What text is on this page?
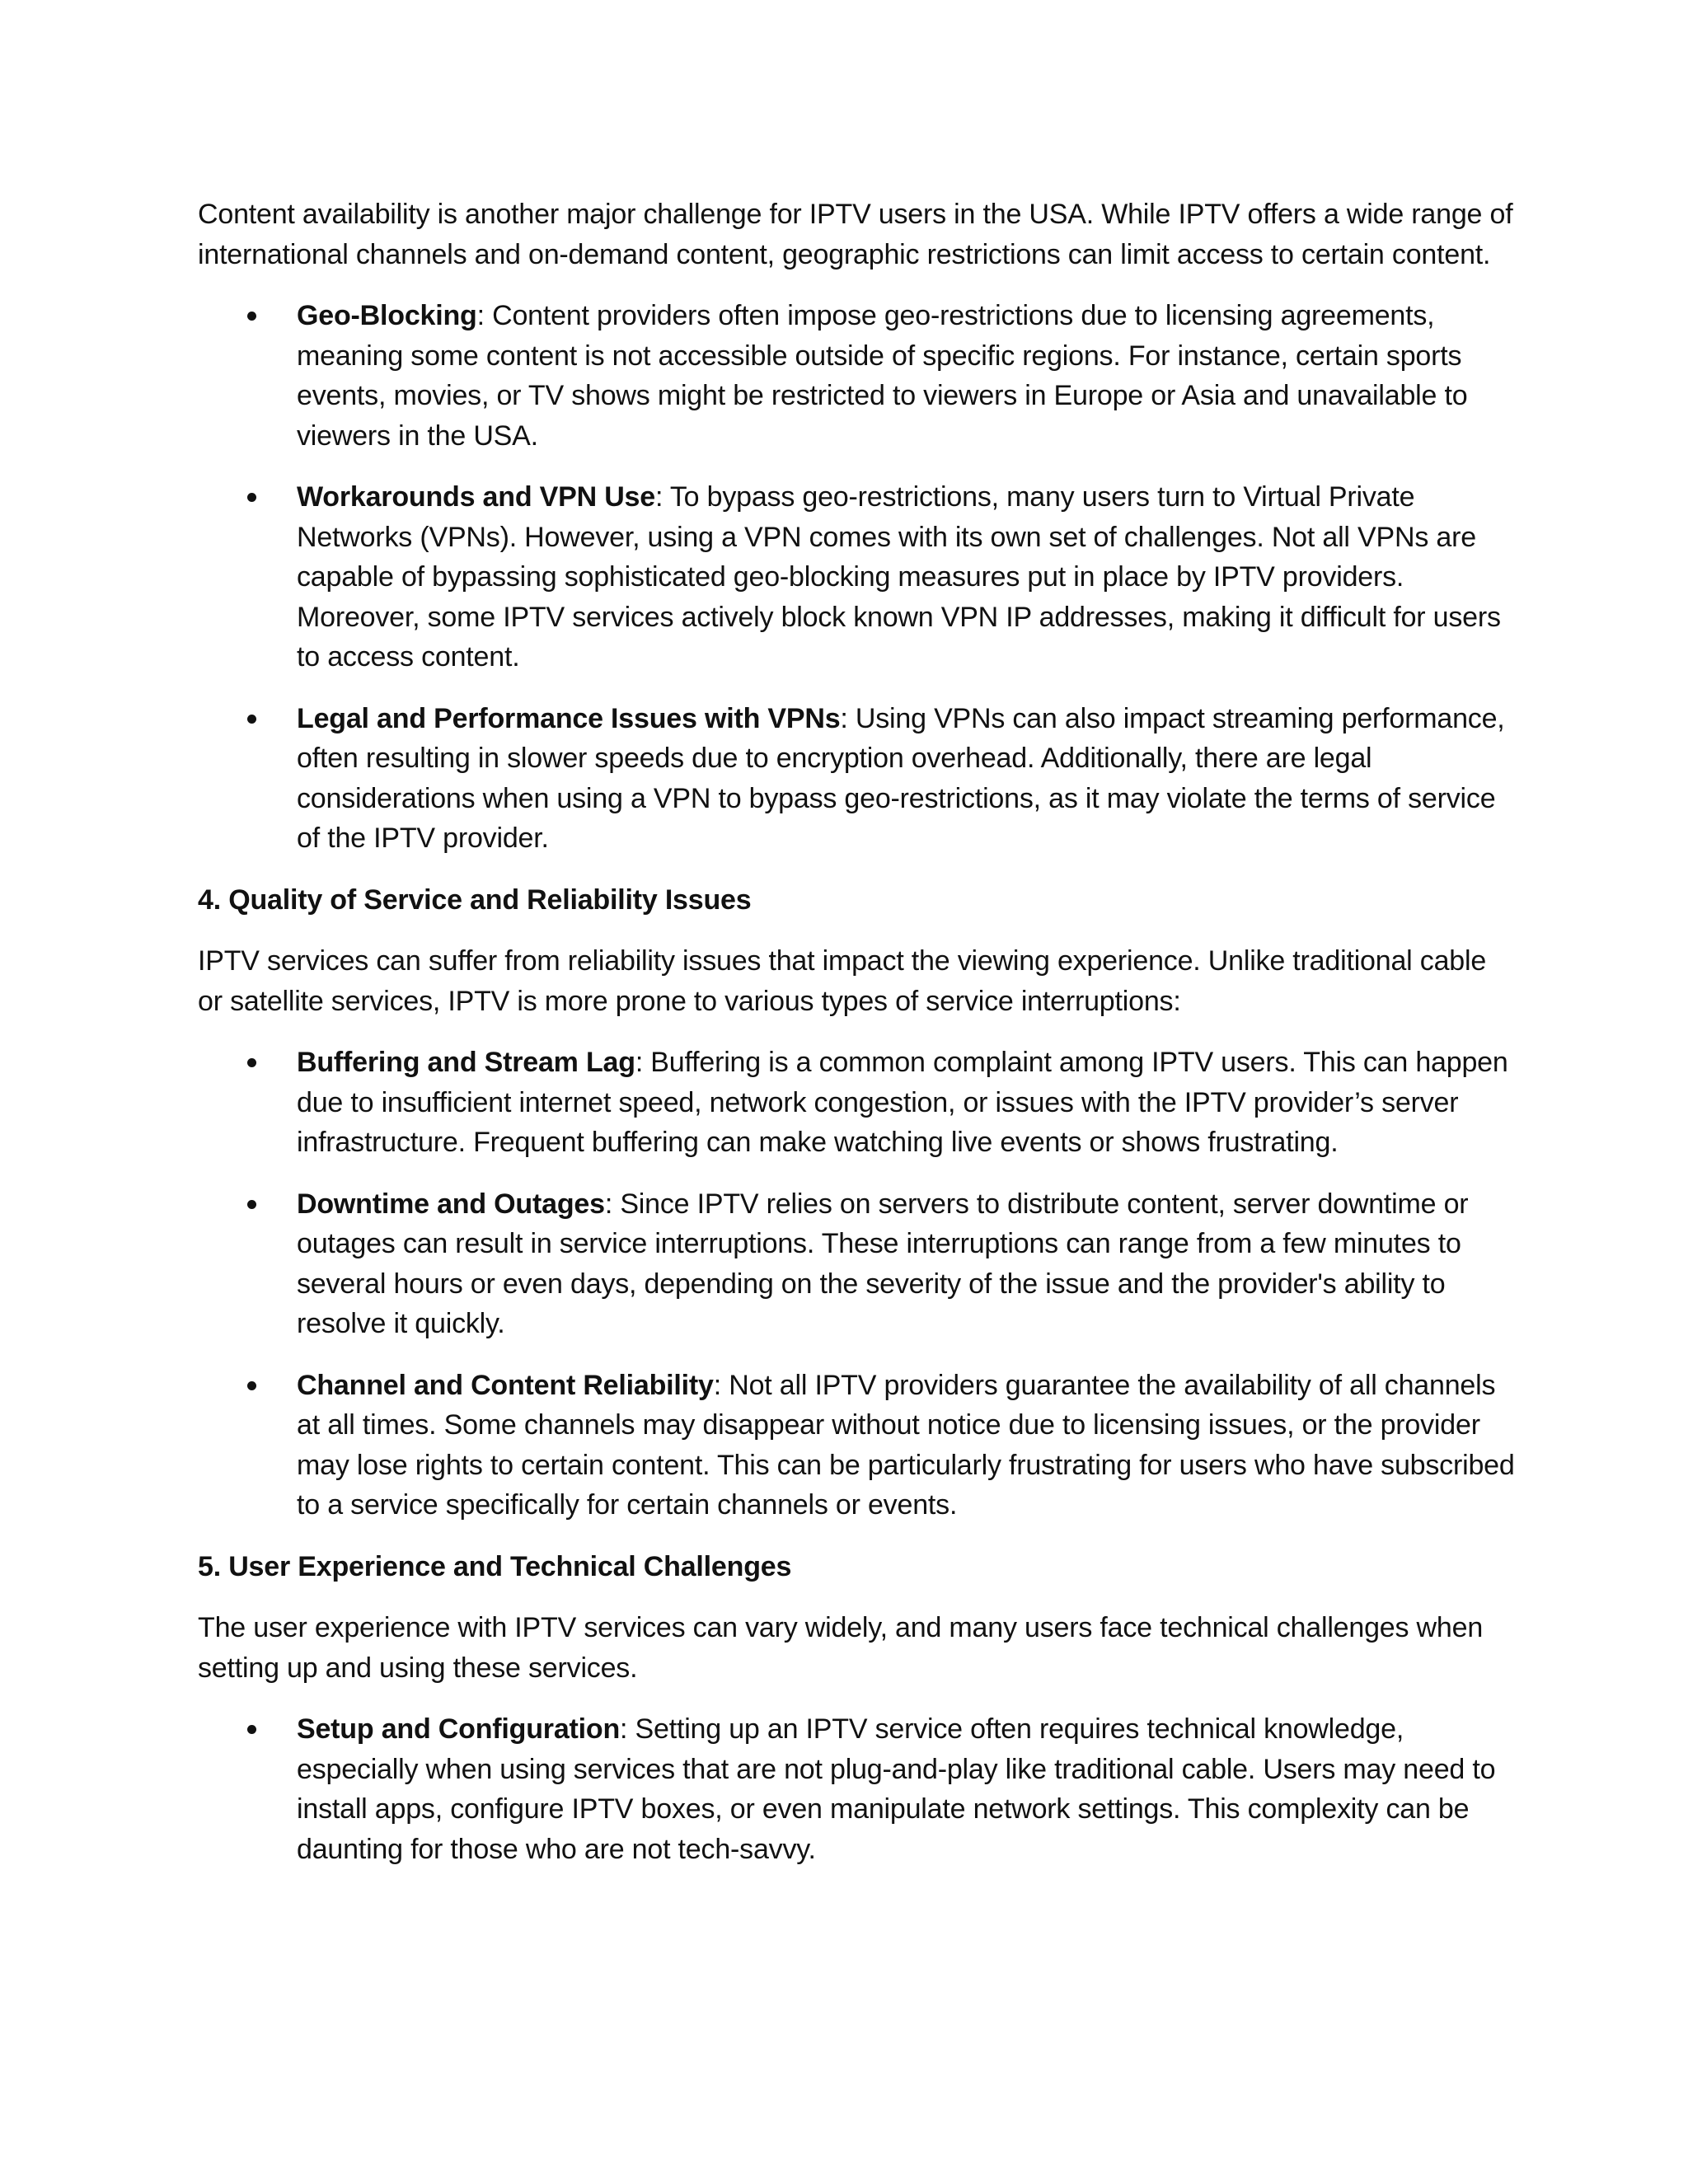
Content availability is another major challenge for IPTV users in the USA. While IPTV offers a wide range of international channels and on-demand content, geographic restrictions can limit access to certain content.

Geo-Blocking: Content providers often impose geo-restrictions due to licensing agreements, meaning some content is not accessible outside of specific regions. For instance, certain sports events, movies, or TV shows might be restricted to viewers in Europe or Asia and unavailable to viewers in the USA.
Workarounds and VPN Use: To bypass geo-restrictions, many users turn to Virtual Private Networks (VPNs). However, using a VPN comes with its own set of challenges. Not all VPNs are capable of bypassing sophisticated geo-blocking measures put in place by IPTV providers. Moreover, some IPTV services actively block known VPN IP addresses, making it difficult for users to access content.
Legal and Performance Issues with VPNs: Using VPNs can also impact streaming performance, often resulting in slower speeds due to encryption overhead. Additionally, there are legal considerations when using a VPN to bypass geo-restrictions, as it may violate the terms of service of the IPTV provider.

4. Quality of Service and Reliability Issues

IPTV services can suffer from reliability issues that impact the viewing experience. Unlike traditional cable or satellite services, IPTV is more prone to various types of service interruptions:

Buffering and Stream Lag: Buffering is a common complaint among IPTV users. This can happen due to insufficient internet speed, network congestion, or issues with the IPTV provider’s server infrastructure. Frequent buffering can make watching live events or shows frustrating.
Downtime and Outages: Since IPTV relies on servers to distribute content, server downtime or outages can result in service interruptions. These interruptions can range from a few minutes to several hours or even days, depending on the severity of the issue and the provider's ability to resolve it quickly.
Channel and Content Reliability: Not all IPTV providers guarantee the availability of all channels at all times. Some channels may disappear without notice due to licensing issues, or the provider may lose rights to certain content. This can be particularly frustrating for users who have subscribed to a service specifically for certain channels or events.

5. User Experience and Technical Challenges

The user experience with IPTV services can vary widely, and many users face technical challenges when setting up and using these services.

Setup and Configuration: Setting up an IPTV service often requires technical knowledge, especially when using services that are not plug-and-play like traditional cable. Users may need to install apps, configure IPTV boxes, or even manipulate network settings. This complexity can be daunting for those who are not tech-savvy.
